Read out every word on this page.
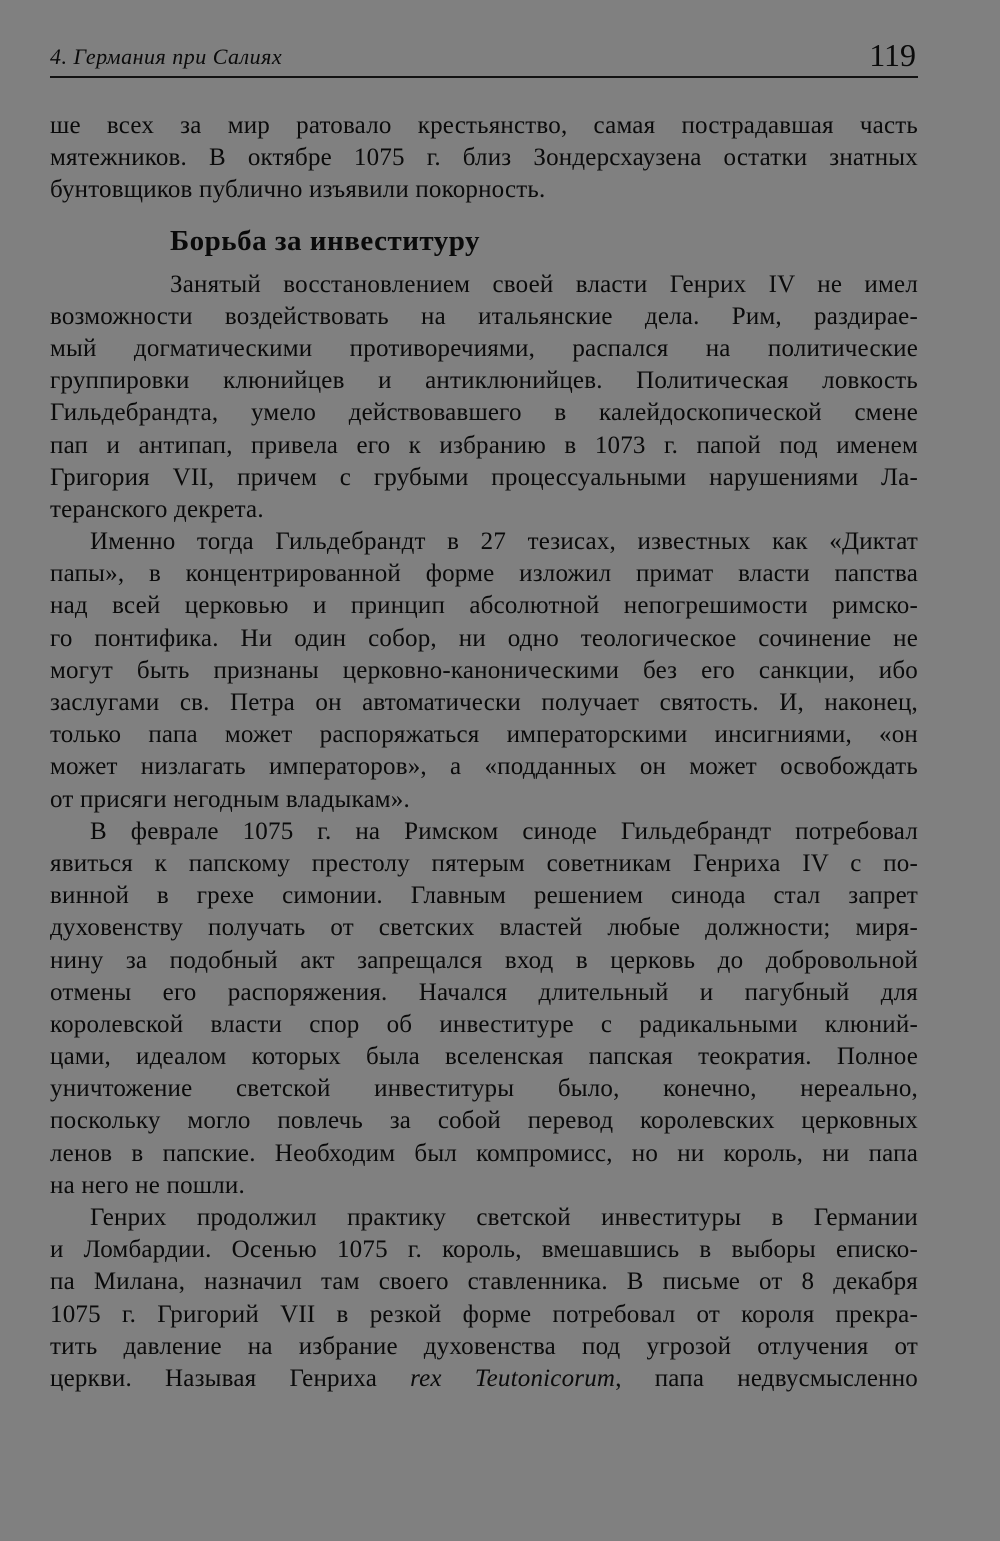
4. Германия при Салиях	119
ше всех за мир ратовало крестьянство, самая пострадавшая часть
мятежников. В октябре 1075 г. близ Зондерсхаузена остатки знатных
бунтовщиков публично изъявили покорность.
Борьба за инвеституру
Занятый восстановлением своей власти Генрих IV не имел
возможности воздействовать на итальянские дела. Рим, раздирае-
мый догматическими противоречиями, распался на политические
группировки клюнийцев и антиклюнийцев. Политическая ловкость
Гильдебрандта, умело действовавшего в калейдоскопической смене
пап и антипап, привела его к избранию в 1073 г. папой под именем
Григория VII, причем с грубыми процессуальными нарушениями Ла-
теранского декрета.
Именно тогда Гильдебрандт в 27 тезисах, известных как «Диктат
папы», в концентрированной форме изложил примат власти папства
над всей церковью и принцип абсолютной непогрешимости римско-
го понтифика. Ни один собор, ни одно теологическое сочинение не
могут быть признаны церковно-каноническими без его санкции, ибо
заслугами св. Петра он автоматически получает святость. И, наконец,
только папа может распоряжаться императорскими инсигниями, «он
может низлагать императоров», а «подданных он может освобождать
от присяги негодным владыкам».
В феврале 1075 г. на Римском синоде Гильдебрандт потребовал
явиться к папскому престолу пятерым советникам Генриха IV с по-
винной в грехе симонии. Главным решением синода стал запрет
духовенству получать от светских властей любые должности; миря-
нину за подобный акт запрещался вход в церковь до добровольной
отмены его распоряжения. Начался длительный и пагубный для
королевской власти спор об инвеституре с радикальными клюний-
цами, идеалом которых была вселенская папская теократия. Полное
уничтожение светской инвеституры было, конечно, нереально,
поскольку могло повлечь за собой перевод королевских церковных
ленов в папские. Необходим был компромисс, но ни король, ни папа
на него не пошли.
Генрих продолжил практику светской инвеституры в Германии
и Ломбардии. Осенью 1075 г. король, вмешавшись в выборы еписко-
па Милана, назначил там своего ставленника. В письме от 8 декабря
1075 г. Григорий VII в резкой форме потребовал от короля прекра-
тить давление на избрание духовенства под угрозой отлучения от
церкви. Называя Генриха rex Teutonicorum, папа недвусмысленно
